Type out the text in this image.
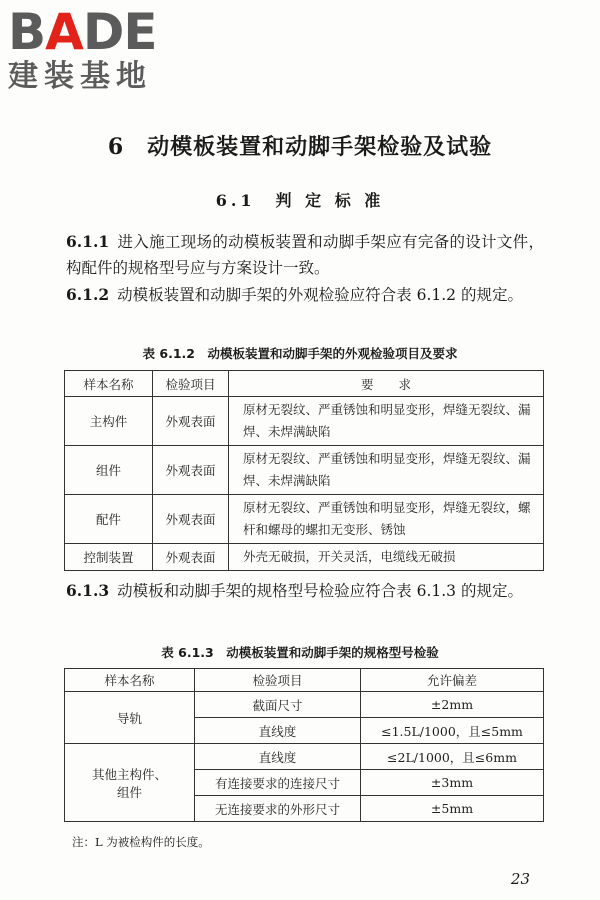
BADE
建装基地
6　动模板装置和动脚手架检验及试验
6.1　判 定 标 准
6.1.1 进入施工现场的动模板装置和动脚手架应有完备的设计文件，构配件的规格型号应与方案设计一致。
6.1.2 动模板装置和动脚手架的外观检验应符合表 6.1.2 的规定。
表 6.1.2　动模板装置和动脚手架的外观检验项目及要求
样本名称	检验项目	要　　求
主构件	外观表面	原材无裂纹、严重锈蚀和明显变形，焊缝无裂纹、漏焊、未焊满缺陷
组件	外观表面	原材无裂纹、严重锈蚀和明显变形，焊缝无裂纹、漏焊、未焊满缺陷
配件	外观表面	原材无裂纹、严重锈蚀和明显变形，焊缝无裂纹，螺杆和螺母的螺扣无变形、锈蚀
控制装置	外观表面	外壳无破损，开关灵活，电缆线无破损
6.1.3 动模板和动脚手架的规格型号检验应符合表 6.1.3 的规定。
表 6.1.3　动模板装置和动脚手架的规格型号检验
样本名称	检验项目	允许偏差
导轨	截面尺寸	±2mm
	直线度	≤1.5L/1000，且≤5mm
其他主构件、组件	直线度	≤2L/1000，且≤6mm
	有连接要求的连接尺寸	±3mm
	无连接要求的外形尺寸	±5mm
注：L 为被检构件的长度。
23
